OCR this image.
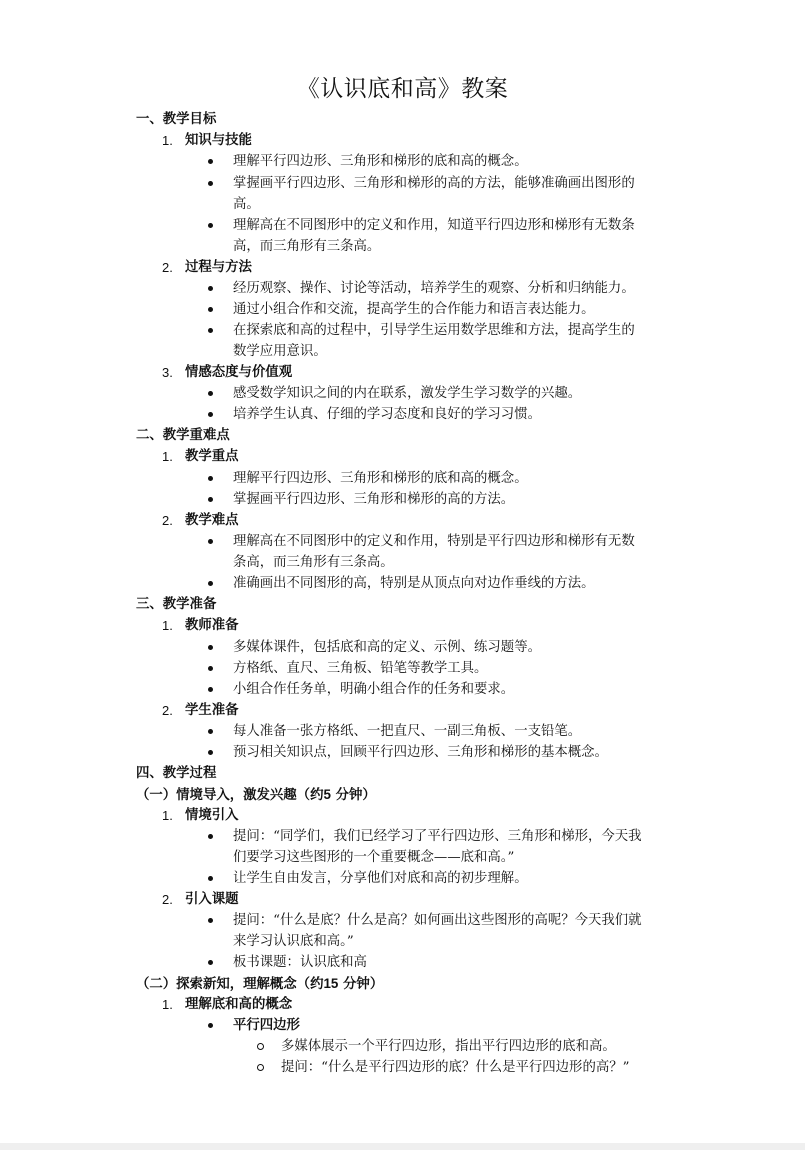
《认识底和高》教案
一、教学目标
1. 知识与技能
理解平行四边形、三角形和梯形的底和高的概念。
掌握画平行四边形、三角形和梯形的高的方法，能够准确画出图形的
高。
理解高在不同图形中的定义和作用，知道平行四边形和梯形有无数条
高，而三角形有三条高。
2. 过程与方法
经历观察、操作、讨论等活动，培养学生的观察、分析和归纳能力。
通过小组合作和交流，提高学生的合作能力和语言表达能力。
在探索底和高的过程中，引导学生运用数学思维和方法，提高学生的
数学应用意识。
3. 情感态度与价值观
感受数学知识之间的内在联系，激发学生学习数学的兴趣。
培养学生认真、仔细的学习态度和良好的学习习惯。
二、教学重难点
1. 教学重点
理解平行四边形、三角形和梯形的底和高的概念。
掌握画平行四边形、三角形和梯形的高的方法。
2. 教学难点
理解高在不同图形中的定义和作用，特别是平行四边形和梯形有无数
条高，而三角形有三条高。
准确画出不同图形的高，特别是从顶点向对边作垂线的方法。
三、教学准备
1. 教师准备
多媒体课件，包括底和高的定义、示例、练习题等。
方格纸、直尺、三角板、铅笔等教学工具。
小组合作任务单，明确小组合作的任务和要求。
2. 学生准备
每人准备一张方格纸、一把直尺、一副三角板、一支铅笔。
预习相关知识点，回顾平行四边形、三角形和梯形的基本概念。
四、教学过程
（一）情境导入，激发兴趣（约5 分钟）
1. 情境引入
提问：“同学们，我们已经学习了平行四边形、三角形和梯形，今天我
们要学习这些图形的一个重要概念——底和高。”
让学生自由发言，分享他们对底和高的初步理解。
2. 引入课题
提问：“什么是底？什么是高？如何画出这些图形的高呢？今天我们就
来学习认识底和高。”
板书课题：认识底和高
（二）探索新知，理解概念（约15 分钟）
1. 理解底和高的概念
平行四边形
多媒体展示一个平行四边形，指出平行四边形的底和高。
提问：“什么是平行四边形的底？什么是平行四边形的高？”
